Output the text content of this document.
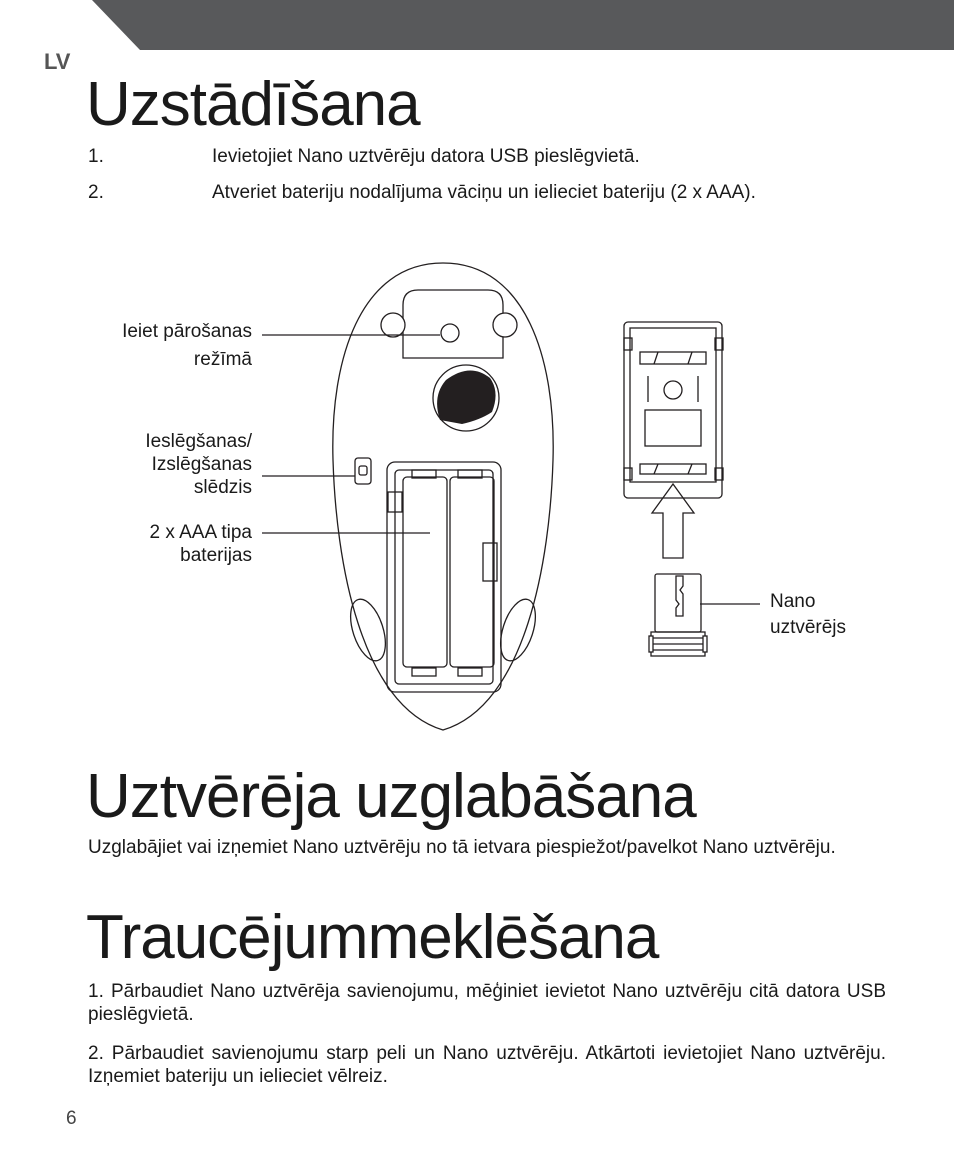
LV
Uzstādīšana
1.	Ievietojiet Nano uztvērēju datora USB pieslēgvietā.
2.	Atveriet bateriju nodalījuma vāciņu un ielieciet bateriju (2 x AAA).
Ieiet pārošanas
režīmā
Ieslēgšanas/
Izslēgšanas
slēdzis
2 x AAA tipa
baterijas
Nano
uztvērējs
Uztvērēja uzglabāšana

Uzglabājiet vai izņemiet Nano uztvērēju no tā ietvara piespiežot/pavelkot Nano uztvērēju.

Traucējummeklēšana

1. Pārbaudiet Nano uztvērēja savienojumu, mēģiniet ievietot Nano uztvērēju citā datora USB pieslēgvietā.

2. Pārbaudiet savienojumu starp peli un Nano uztvērēju. Atkārtoti ievietojiet Nano uztvērēju. Izņemiet bateriju un ielieciet vēlreiz.

6
